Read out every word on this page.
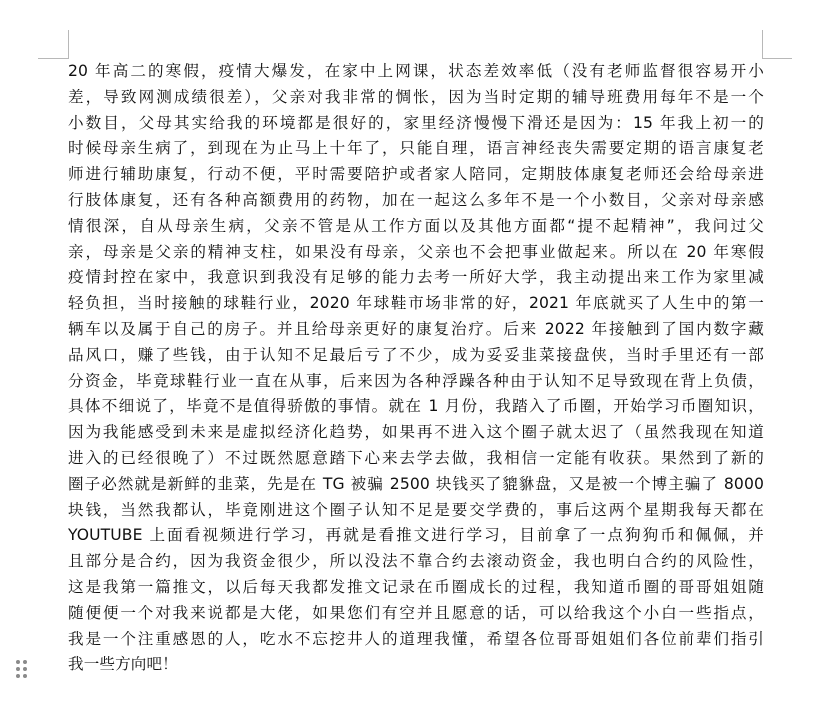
20 年高二的寒假，疫情大爆发，在家中上网课，状态差效率低（没有老师监督很容易开小
差，导致网测成绩很差），父亲对我非常的惆怅，因为当时定期的辅导班费用每年不是一个
小数目，父母其实给我的环境都是很好的，家里经济慢慢下滑还是因为：15 年我上初一的
时候母亲生病了，到现在为止马上十年了，只能自理，语言神经丧失需要定期的语言康复老
师进行辅助康复，行动不便，平时需要陪护或者家人陪同，定期肢体康复老师还会给母亲进
行肢体康复，还有各种高额费用的药物，加在一起这么多年不是一个小数目，父亲对母亲感
情很深，自从母亲生病，父亲不管是从工作方面以及其他方面都“提不起精神”，我问过父
亲，母亲是父亲的精神支柱，如果没有母亲，父亲也不会把事业做起来。所以在 20 年寒假
疫情封控在家中，我意识到我没有足够的能力去考一所好大学，我主动提出来工作为家里减
轻负担，当时接触的球鞋行业，2020 年球鞋市场非常的好，2021 年底就买了人生中的第一
辆车以及属于自己的房子。并且给母亲更好的康复治疗。后来 2022 年接触到了国内数字藏
品风口，赚了些钱，由于认知不足最后亏了不少，成为妥妥韭菜接盘侠，当时手里还有一部
分资金，毕竟球鞋行业一直在从事，后来因为各种浮躁各种由于认知不足导致现在背上负债，
具体不细说了，毕竟不是值得骄傲的事情。就在 1 月份，我踏入了币圈，开始学习币圈知识，
因为我能感受到未来是虚拟经济化趋势，如果再不进入这个圈子就太迟了（虽然我现在知道
进入的已经很晚了）不过既然愿意踏下心来去学去做，我相信一定能有收获。果然到了新的
圈子必然就是新鲜的韭菜，先是在 TG 被骗 2500 块钱买了貔貅盘，又是被一个博主骗了 8000
块钱，当然我都认，毕竟刚进这个圈子认知不足是要交学费的，事后这两个星期我每天都在
YOUTUBE 上面看视频进行学习，再就是看推文进行学习，目前拿了一点狗狗币和佩佩，并
且部分是合约，因为我资金很少，所以没法不靠合约去滚动资金，我也明白合约的风险性，
这是我第一篇推文，以后每天我都发推文记录在币圈成长的过程，我知道币圈的哥哥姐姐随
随便便一个对我来说都是大佬，如果您们有空并且愿意的话，可以给我这个小白一些指点，
我是一个注重感恩的人，吃水不忘挖井人的道理我懂，希望各位哥哥姐姐们各位前辈们指引
我一些方向吧！
